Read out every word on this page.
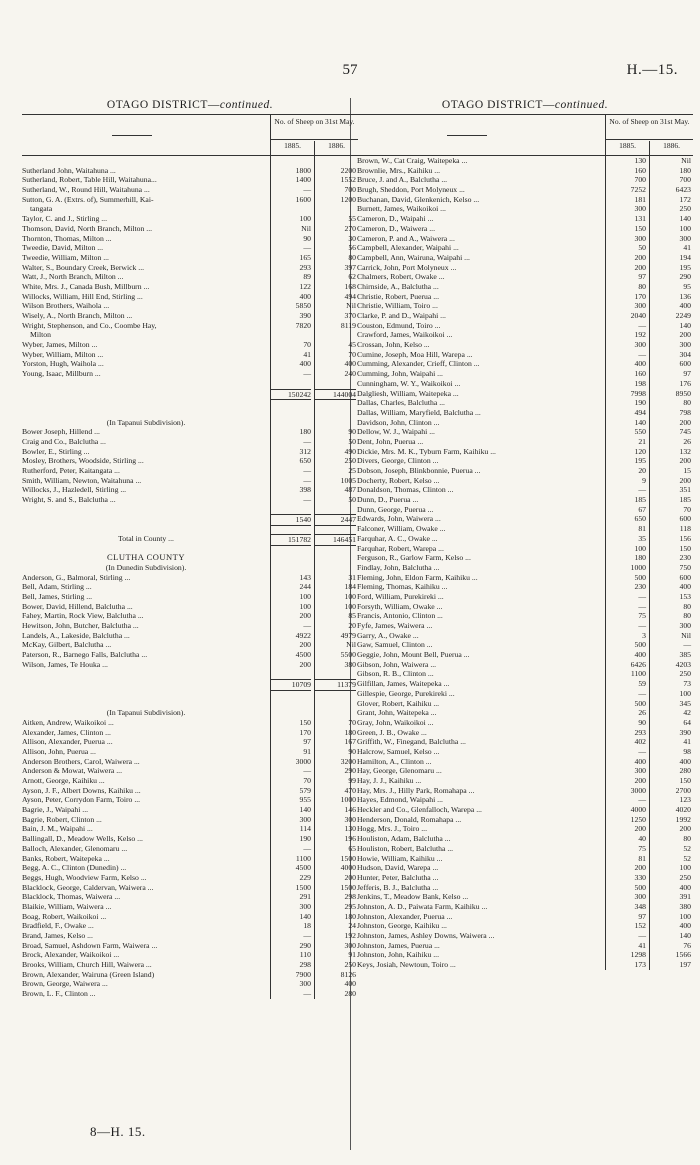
57	H.—15.
OTAGO DISTRICT—continued.
No. of Sheep on 31st May.
1885.	1886.
Sutherland John, Waitahuna ...	1800	2200
Sutherland, Robert, Table Hill, Waitahuna...	1400	1552
Sutherland, W., Round Hill, Waitahuna ...	—	700
Sutton, G. A. (Extrs. of), Summerhill, Kai-	1600	1200
tangata
Taylor, C. and J., Stirling ...	100	55
Thomson, David, North Branch, Milton ...	Nil	270
Thornton, Thomas, Milton ...	90	30
Tweedie, David, Milton ...	—	56
Tweedie, William, Milton ...	165	80
Walter, S., Boundary Creek, Berwick ...	293	397
Watt, J., North Branch, Milton ...	89	62
White, Mrs. J., Canada Bush, Millburn ...	122	168
Willocks, William, Hill End, Stirling ...	400	494
Wilson Brothers, Waihola ...	5850	Nil
Wisely, A., North Branch, Milton ...	390	370
Wright, Stephenson, and Co., Coombe Hay,	7820	8119
Milton
Wyber, James, Milton ...	70	45
Wyber, William, Milton ...	41	70
Yorston, Hugh, Waihola ...	400	400
Young, Isaac, Millburn ...	—	240
150242	144004
(In Tapanui Subdivision).
Bower Joseph, Hillend ...	180	90
Craig and Co., Balclutha ...	—	50
Bowler, E., Stirling ...	312	490
Mosley, Brothers, Woodside, Stirling ...	650	250
Rutherford, Peter, Kaitangata ...	—	25
Smith, William, Newton, Waitahuna ...	—	1005
Willocks, J., Hazledell, Stirling ...	398	487
Wright, S. and S., Balclutha ...	—	50
1540	2447
Total in County ...	151782	146451
CLUTHA COUNTY
(In Dunedin Subdivision).
Anderson, G., Balmoral, Stirling ...	143	31
Bell, Adam, Stirling ...	244	184
Bell, James, Stirling ...	100	100
Bower, David, Hillend, Balclutha ...	100	100
Fahey, Martin, Rock View, Balclutha ...	200	85
Hewitson, John, Butcher, Balclutha ...	—	20
Landels, A., Lakeside, Balclutha ...	4922	4979
McKay, Gilbert, Balclutha ...	200	Nil
Paterson, R., Barnego Falls, Balclutha ...	4500	5500
Wilson, James, Te Houka ...	200	380
10709	11379
(In Tapanui Subdivision).
Aitken, Andrew, Waikoikoi ...	150	70
Alexander, James, Clinton ...	170	180
Allison, Alexander, Puerua ...	97	167
Allison, John, Puerua ...	91	90
Anderson Brothers, Carol, Waiwera ...	3000	3200
Anderson & Mowat, Waiwera ...	—	290
Arnott, George, Kaihiku ...	70	99
Ayson, J. F., Albert Downs, Kaihiku ...	579	470
Ayson, Peter, Corrydon Farm, Toiro ...	955	1000
Bagrie, J., Waipahi ...	140	146
Bagrie, Robert, Clinton ...	300	300
Bain, J. M., Waipahi ...	114	130
Ballingall, D., Meadow Wells, Kelso ...	190	196
Balloch, Alexander, Glenomaru ...	—	65
Banks, Robert, Waitepeka ...	1100	1500
Begg, A. C., Clinton (Dunedin) ...	4500	4000
Beggs, Hugh, Woodview Farm, Kelso ...	229	200
Blacklock, George, Caldervan, Waiwera ...	1500	1500
Blacklock, Thomas, Waiwera ...	291	298
Blaikie, William, Waiwera ...	300	295
Boag, Robert, Waikoikoi ...	140	180
Bradfield, F., Owake ...	18	24
Brand, James, Kelso ...	—	192
Broad, Samuel, Ashdown Farm, Waiwera ...	290	300
Brock, Alexander, Waikoikoi ...	110	91
Brooks, William, Church Hill, Waiwera ...	298	250
Brown, Alexander, Wairuna (Green Island)	7900	8126
Brown, George, Waiwera ...	300	400
Brown, L. F., Clinton ...	—	280
OTAGO DISTRICT—continued.
No. of Sheep on 31st May.
1885.	1886.
Brown, W., Cat Craig, Waitepeka ...	130	Nil
Brownlie, Mrs., Kaihiku ...	160	180
Bruce, J. and A., Balclutha ...	700	700
Brugh, Sheddon, Port Molyneux ...	7252	6423
Buchanan, David, Glenkenich, Kelso ...	181	172
Burnett, James, Waikoikoi ...	300	250
Cameron, D., Waipahi ...	131	140
Cameron, D., Waiwera ...	150	100
Cameron, P. and A., Waiwera ...	300	300
Campbell, Alexander, Waipahi ...	50	41
Campbell, Ann, Wairuna, Waipahi ...	200	194
Carrick, John, Port Molyneux ...	200	195
Chalmers, Robert, Owake ...	97	290
Chirnside, A., Balclutha ...	80	95
Christie, Robert, Puerua ...	170	136
Christie, William, Toiro ...	300	400
Clarke, P. and D., Waipahi ...	2040	2249
Couston, Edmund, Toiro ...	—	140
Crawford, James, Waikoikoi ...	192	200
Crossan, John, Kelso ...	300	300
Cumine, Joseph, Moa Hill, Warepa ...	—	304
Cumming, Alexander, Crieff, Clinton ...	400	600
Cumming, John, Waipahi ...	160	97
Cunningham, W. Y., Waikoikoi ...	198	176
Dalgliesh, William, Waitepeka ...	7998	8950
Dallas, Charles, Balclutha ...	190	80
Dallas, William, Maryfield, Balclutha ...	494	798
Davidson, John, Clinton ...	140	200
Dellow, W. J., Waipahi ...	550	745
Dent, John, Puerua ...	21	26
Dickie, Mrs. M. K., Tyburn Farm, Kaihiku ...	120	132
Divers, George, Clinton ...	195	200
Dobson, Joseph, Blinkbonnie, Puerua ...	20	15
Docherty, Robert, Kelso ...	9	200
Donaldson, Thomas, Clinton ...	—	351
Dunn, D., Puerua ...	185	185
Dunn, George, Puerua ...	67	70
Edwards, John, Waiwera ...	650	600
Falconer, William, Owake ...	81	118
Farquhar, A. C., Owake ...	35	156
Farquhar, Robert, Warepa ...	100	150
Ferguson, R., Garlow Farm, Kelso ...	180	230
Findlay, John, Balclutha ...	1000	750
Fleming, John, Eldon Farm, Kaihiku ...	500	600
Fleming, Thomas, Kaihiku ...	230	400
Ford, William, Purekireki ...	—	153
Forsyth, William, Owake ...	—	80
Francis, Antonio, Clinton ...	75	80
Fyfe, James, Waiwera ...	—	300
Garry, A., Owake ...	3	Nil
Gaw, Samuel, Clinton ...	500	—
Geggie, John, Mount Bell, Puerua ...	400	385
Gibson, John, Waiwera ...	6426	4203
Gibson, R. B., Clinton ...	1100	250
Gilfillan, James, Waitepeka ...	59	73
Gillespie, George, Purekireki ...	—	100
Glover, Robert, Kaihiku ...	500	345
Grant, John, Waitepeka ...	26	42
Gray, John, Waikoikoi ...	90	64
Green, J. B., Owake ...	293	390
Griffith, W., Finegand, Balclutha ...	402	41
Halcrow, Samuel, Kelso ...	—	98
Hamilton, A., Clinton ...	400	400
Hay, George, Glenomaru ...	300	280
Hay, J. J., Kaihiku ...	200	150
Hay, Mrs. J., Hilly Park, Romahapa ...	3000	2700
Hayes, Edmond, Waipahi ...	—	123
Heckler and Co., Glenfalloch, Warepa ...	4000	4020
Henderson, Donald, Romahapa ...	1250	1992
Hogg, Mrs. J., Toiro ...	200	200
Houliston, Adam, Balclutha ...	40	80
Houliston, Robert, Balclutha ...	75	52
Howie, William, Kaihiku ...	81	52
Hudson, David, Warepa ...	200	100
Hunter, Peter, Balclutha ...	330	250
Jefferis, B. J., Balclutha ...	500	400
Jenkins, T., Meadow Bank, Kelso ...	300	391
Johnston, A. D., Paiwata Farm, Kaihiku ...	348	380
Johnston, Alexander, Puerua ...	97	100
Johnston, George, Kaihiku ...	152	400
Johnston, James, Ashley Downs, Waiwera ...	—	140
Johnston, James, Puerua ...	41	76
Johnston, John, Kaihiku ...	1298	1566
Keys, Josiah, Newtoun, Toiro ...	173	197
8—H. 15.
